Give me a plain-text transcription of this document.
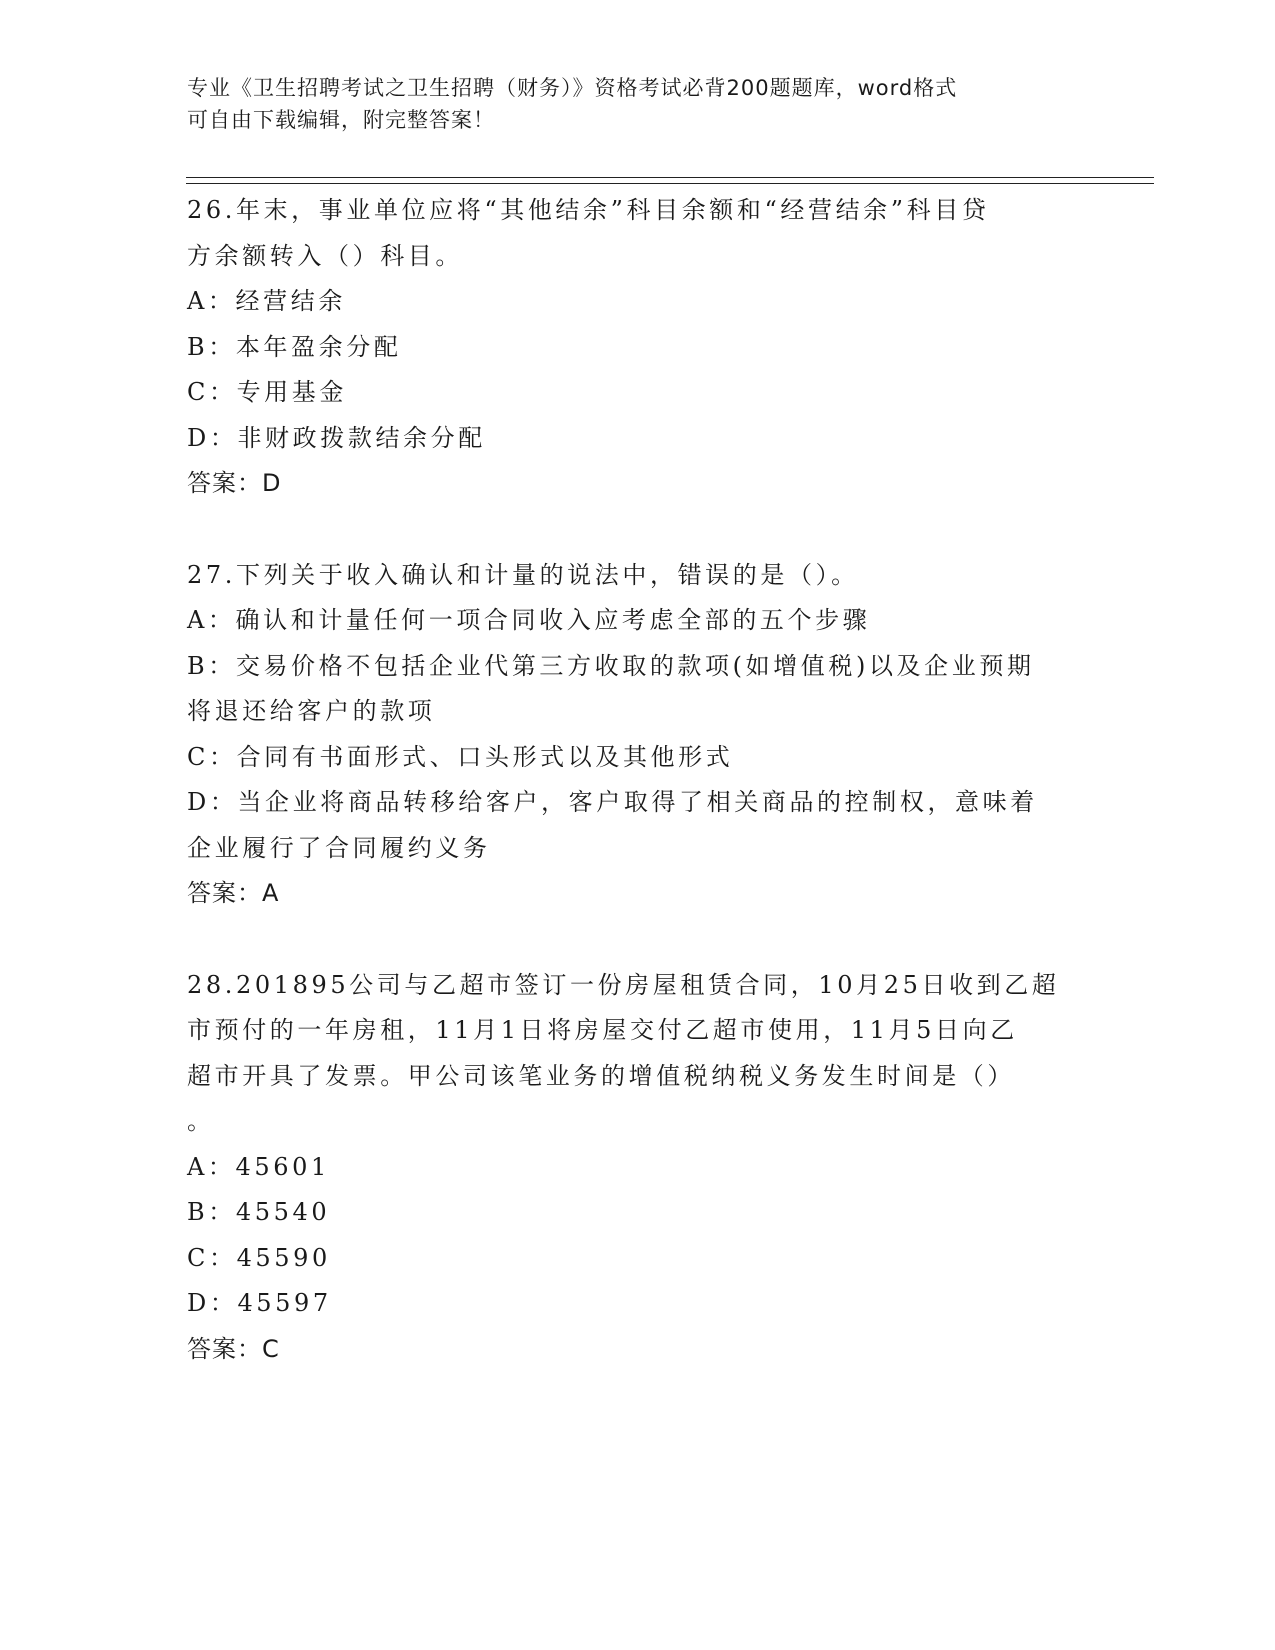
专业《卫生招聘考试之卫生招聘（财务）》资格考试必背200题题库，word格式
可自由下载编辑，附完整答案！
26.年末，事业单位应将“其他结余”科目余额和“经营结余”科目贷
方余额转入（）科目。
A：经营结余
B：本年盈余分配
C：专用基金
D：非财政拨款结余分配
答案：D
27.下列关于收入确认和计量的说法中，错误的是（）。
A：确认和计量任何一项合同收入应考虑全部的五个步骤
B：交易价格不包括企业代第三方收取的款项(如增值税)以及企业预期
将退还给客户的款项
C：合同有书面形式、口头形式以及其他形式
D：当企业将商品转移给客户，客户取得了相关商品的控制权，意味着
企业履行了合同履约义务
答案：A
28.201895公司与乙超市签订一份房屋租赁合同，10月25日收到乙超
市预付的一年房租，11月1日将房屋交付乙超市使用，11月5日向乙
超市开具了发票。甲公司该笔业务的增值税纳税义务发生时间是（）
。
A：45601
B：45540
C：45590
D：45597
答案：C
